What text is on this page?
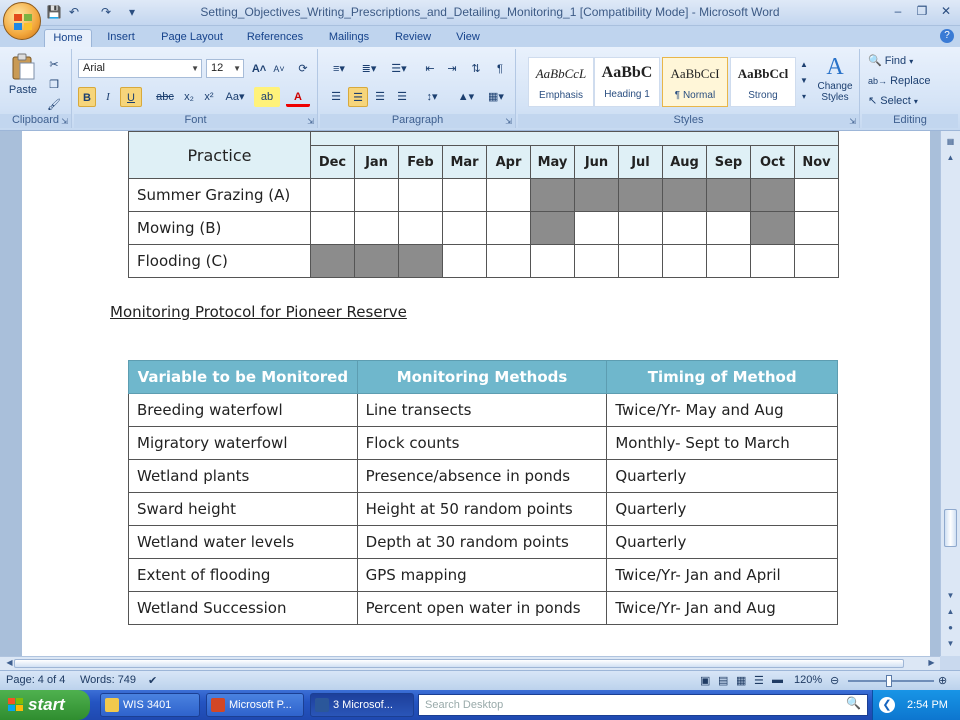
💾 ↶ ↷	▾	Setting_Objectives_Writing_Prescriptions_and_Detailing_Monitoring_1 [Compatibility Mode] - Microsoft Word	–	❐	✕
Home	Insert	Page Layout	References	Mailings	Review	View	?
Paste
✂
❐
🖌
Clipboard ⇲
Arial	▼	12 ▼ A˄ A˅	⟳
B	I	U	abc x₂ x²	Aa▾	ab	A
Font	⇲
≡▾	≣▾	☰▾	⇤	⇥	⇅	¶
☰	☰	☰	☰	↕▾	▲▾	▦▾
Paragraph	⇲
AaBbCcL
Emphasis
AaBbC
Heading 1
AaBbCcI
¶ Normal
AaBbCcl
Strong
▲
▼
▾
A
Change Styles
Styles	⇲
🔍 Find ▾
ab→ Replace
↖ Select ▾
Editing
Practice												
	Dec	Jan	Feb	Mar	Apr	May	Jun	Jul	Aug	Sep	Oct	Nov
Summer Grazing (A)												
Mowing (B)												
Flooding (C)												
Monitoring Protocol for Pioneer Reserve
Variable to be Monitored	Monitoring Methods	Timing of Method
Breeding waterfowl	Line transects	Twice/Yr- May and Aug
Migratory waterfowl	Flock counts	Monthly- Sept to March
Wetland plants	Presence/absence in ponds	Quarterly
Sward height	Height at 50 random points	Quarterly
Wetland water levels	Depth at 30 random points	Quarterly
Extent of flooding	GPS mapping	Twice/Yr- Jan and April
Wetland Succession	Percent open water in ponds	Twice/Yr- Jan and Aug
▦
▲
▼
▲
●
▼
◀	▶
Page: 4 of 4 Words: 749 ✔	▣ ▤ ▦ ☰ ▬ 120% ⊖	⊕
start	WIS 3401	Microsoft P...	3 Microsof...	Search Desktop	🔍	❮	2:54 PM
